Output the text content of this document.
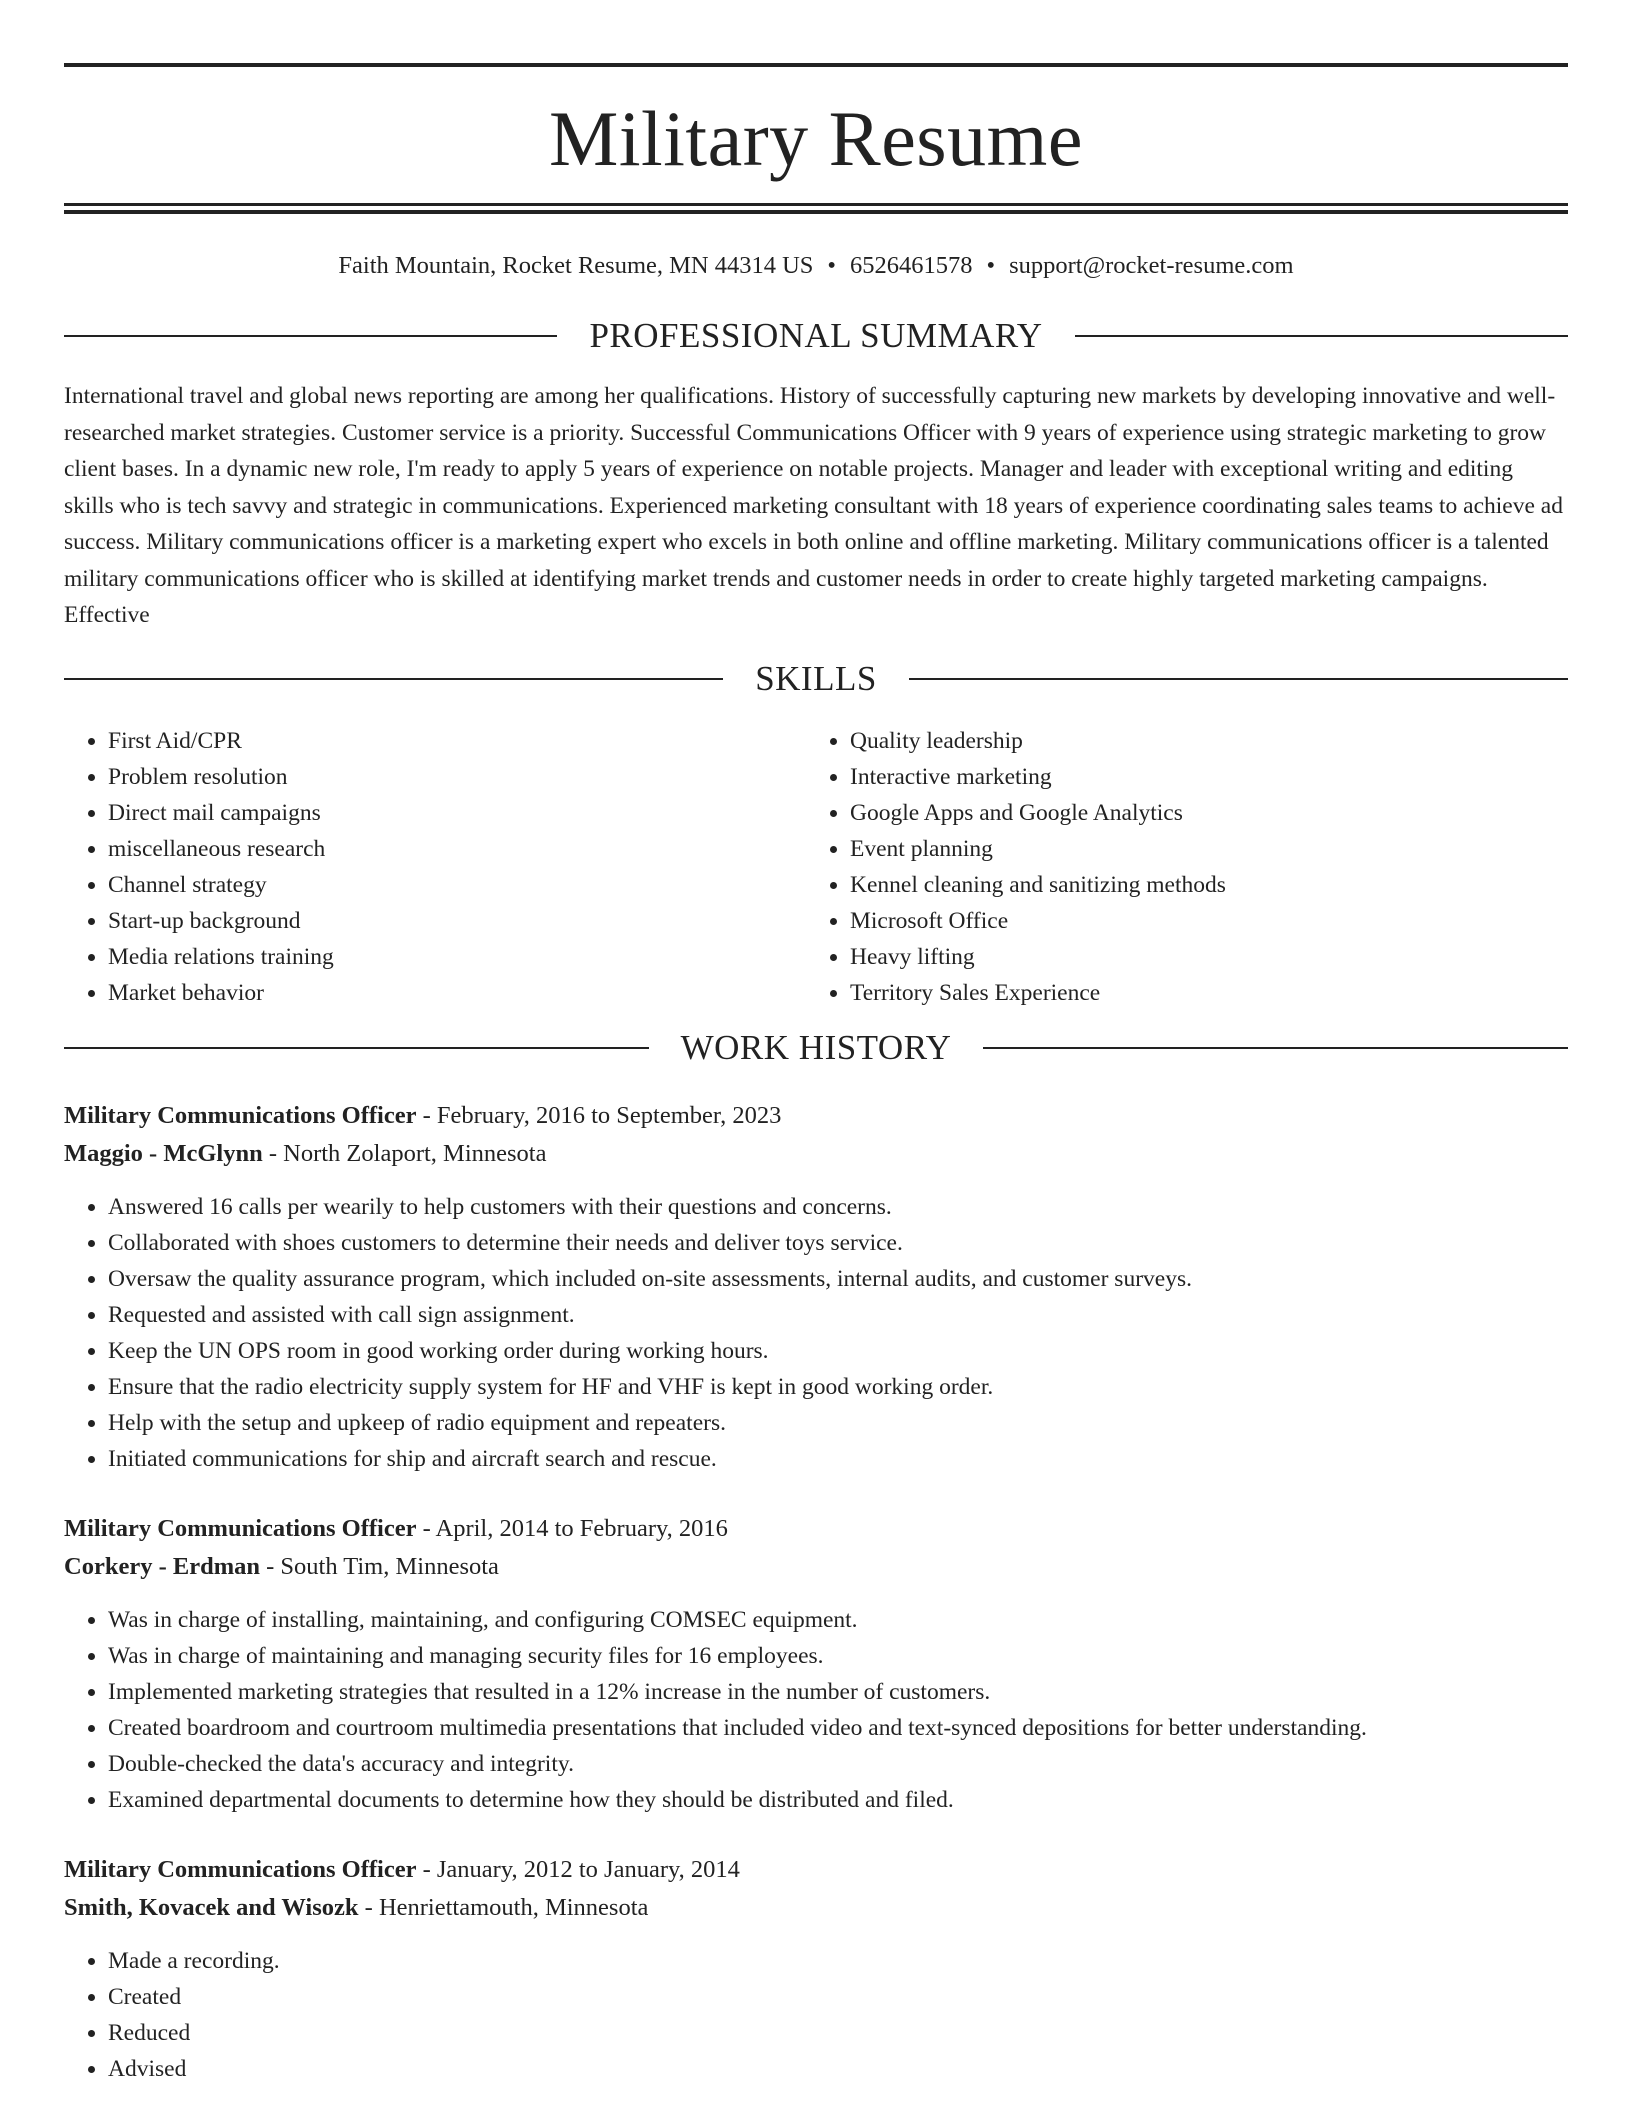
Military Resume
Faith Mountain, Rocket Resume, MN 44314 US • 6526461578 • support@rocket-resume.com
PROFESSIONAL SUMMARY
International travel and global news reporting are among her qualifications. History of successfully capturing new markets by developing innovative and well-researched market strategies. Customer service is a priority. Successful Communications Officer with 9 years of experience using strategic marketing to grow client bases. In a dynamic new role, I'm ready to apply 5 years of experience on notable projects. Manager and leader with exceptional writing and editing skills who is tech savvy and strategic in communications. Experienced marketing consultant with 18 years of experience coordinating sales teams to achieve ad success. Military communications officer is a marketing expert who excels in both online and offline marketing. Military communications officer is a talented military communications officer who is skilled at identifying market trends and customer needs in order to create highly targeted marketing campaigns. Effective
SKILLS
• First Aid/CPR
• Problem resolution
• Direct mail campaigns
• miscellaneous research
• Channel strategy
• Start-up background
• Media relations training
• Market behavior
• Quality leadership
• Interactive marketing
• Google Apps and Google Analytics
• Event planning
• Kennel cleaning and sanitizing methods
• Microsoft Office
• Heavy lifting
• Territory Sales Experience
WORK HISTORY
Military Communications Officer - February, 2016 to September, 2023
Maggio - McGlynn - North Zolaport, Minnesota
• Answered 16 calls per wearily to help customers with their questions and concerns.
• Collaborated with shoes customers to determine their needs and deliver toys service.
• Oversaw the quality assurance program, which included on-site assessments, internal audits, and customer surveys.
• Requested and assisted with call sign assignment.
• Keep the UN OPS room in good working order during working hours.
• Ensure that the radio electricity supply system for HF and VHF is kept in good working order.
• Help with the setup and upkeep of radio equipment and repeaters.
• Initiated communications for ship and aircraft search and rescue.
Military Communications Officer - April, 2014 to February, 2016
Corkery - Erdman - South Tim, Minnesota
• Was in charge of installing, maintaining, and configuring COMSEC equipment.
• Was in charge of maintaining and managing security files for 16 employees.
• Implemented marketing strategies that resulted in a 12% increase in the number of customers.
• Created boardroom and courtroom multimedia presentations that included video and text-synced depositions for better understanding.
• Double-checked the data's accuracy and integrity.
• Examined departmental documents to determine how they should be distributed and filed.
Military Communications Officer - January, 2012 to January, 2014
Smith, Kovacek and Wisozk - Henriettamouth, Minnesota
• Made a recording.
• Created
• Reduced
• Advised
